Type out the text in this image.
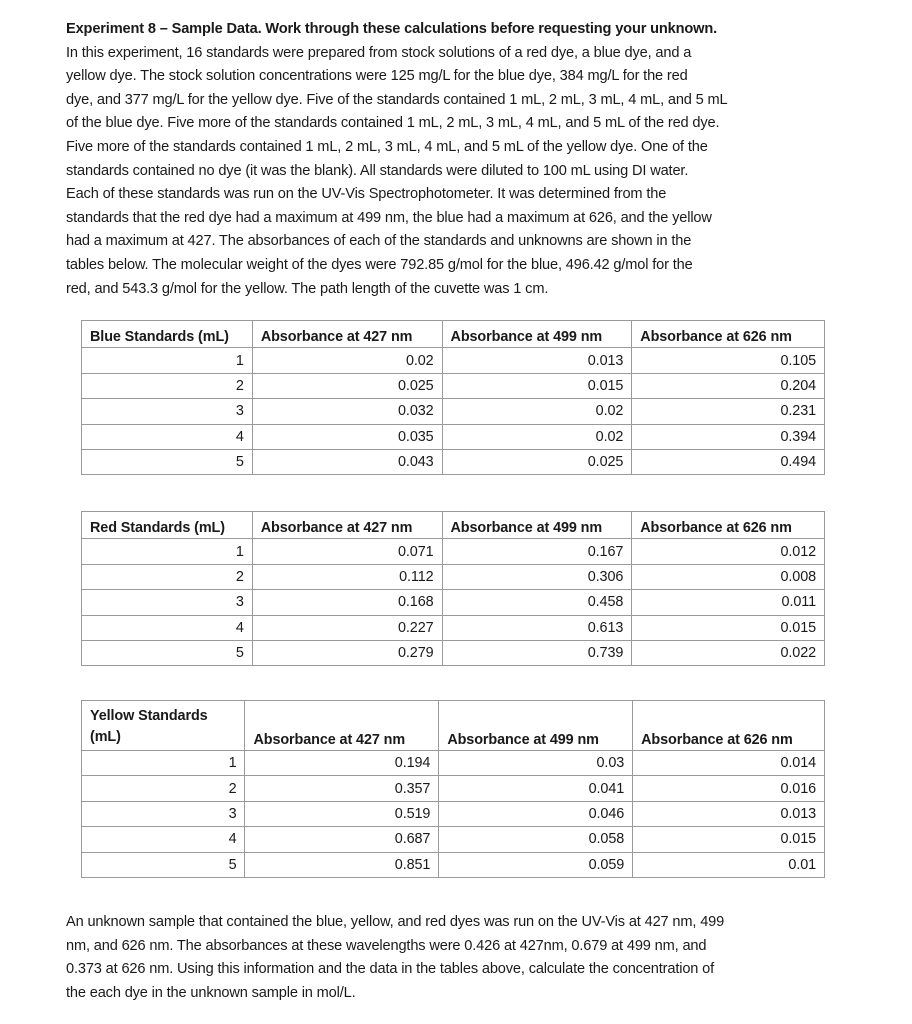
Experiment 8 – Sample Data. Work through these calculations before requesting your unknown.
In this experiment, 16 standards were prepared from stock solutions of a red dye, a blue dye, and a
yellow dye. The stock solution concentrations were 125 mg/L for the blue dye, 384 mg/L for the red
dye, and 377 mg/L for the yellow dye. Five of the standards contained 1 mL, 2 mL, 3 mL, 4 mL, and 5 mL
of the blue dye. Five more of the standards contained 1 mL, 2 mL, 3 mL, 4 mL, and 5 mL of the red dye.
Five more of the standards contained 1 mL, 2 mL, 3 mL, 4 mL, and 5 mL of the yellow dye. One of the
standards contained no dye (it was the blank). All standards were diluted to 100 mL using DI water.
Each of these standards was run on the UV-Vis Spectrophotometer. It was determined from the
standards that the red dye had a maximum at 499 nm, the blue had a maximum at 626, and the yellow
had a maximum at 427. The absorbances of each of the standards and unknowns are shown in the
tables below. The molecular weight of the dyes were 792.85 g/mol for the blue, 496.42 g/mol for the
red, and 543.3 g/mol for the yellow. The path length of the cuvette was 1 cm.
Blue Standards (mL)	Absorbance at 427 nm	Absorbance at 499 nm	Absorbance at 626 nm
1	0.02	0.013	0.105
2	0.025	0.015	0.204
3	0.032	0.02	0.231
4	0.035	0.02	0.394
5	0.043	0.025	0.494
Red Standards (mL)	Absorbance at 427 nm	Absorbance at 499 nm	Absorbance at 626 nm
1	0.071	0.167	0.012
2	0.112	0.306	0.008
3	0.168	0.458	0.011
4	0.227	0.613	0.015
5	0.279	0.739	0.022
Yellow Standards (mL)	Absorbance at 427 nm	Absorbance at 499 nm	Absorbance at 626 nm
1	0.194	0.03	0.014
2	0.357	0.041	0.016
3	0.519	0.046	0.013
4	0.687	0.058	0.015
5	0.851	0.059	0.01
An unknown sample that contained the blue, yellow, and red dyes was run on the UV-Vis at 427 nm, 499
nm, and 626 nm. The absorbances at these wavelengths were 0.426 at 427nm, 0.679 at 499 nm, and
0.373 at 626 nm. Using this information and the data in the tables above, calculate the concentration of
the each dye in the unknown sample in mol/L.
